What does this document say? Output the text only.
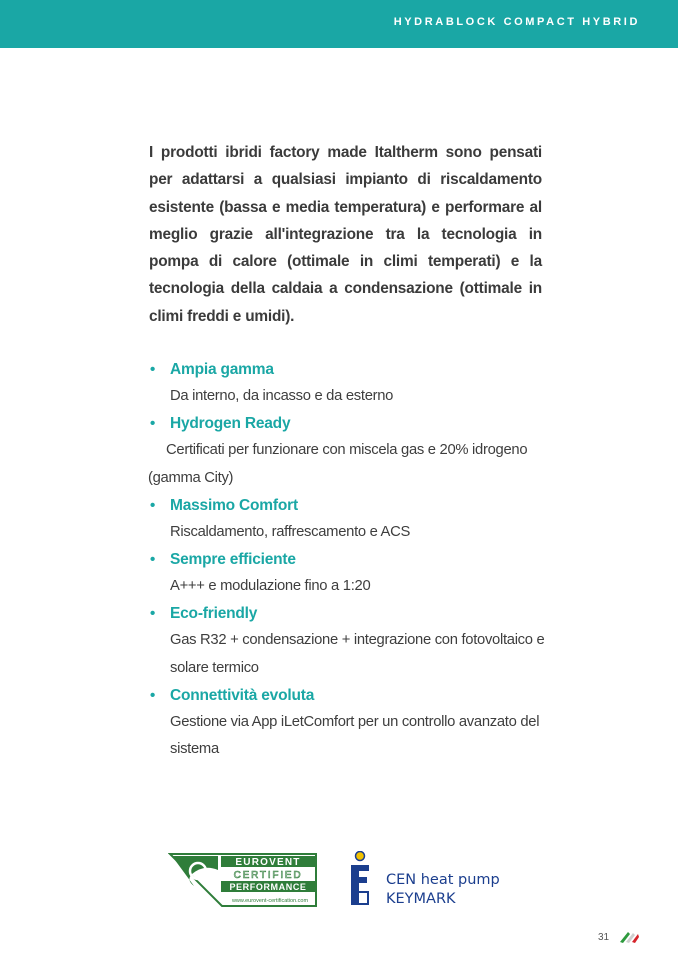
HYDRABLOCK COMPACT HYBRID

I prodotti ibridi factory made Italtherm sono pensati per adattarsi a qualsiasi impianto di riscaldamento esistente (bassa e media temperatura) e performare al meglio grazie all'integrazione tra la tecnologia in pompa di calore (ottimale in climi temperati) e la tecnologia della caldaia a condensazione (ottimale in climi freddi e umidi).

• Ampia gamma
Da interno, da incasso e da esterno
• Hydrogen Ready
Certificati per funzionare con miscela gas e 20% idrogeno (gamma City)
• Massimo Comfort
Riscaldamento, raffrescamento e ACS
• Sempre efficiente
A+++ e modulazione fino a 1:20
• Eco-friendly
Gas R32 + condensazione + integrazione con fotovoltaico e solare termico
• Connettività evoluta
Gestione via App iLetComfort per un controllo avanzato del sistema
EUROVENT
CERTIFIED
PERFORMANCE
www.eurovent-certification.com
CEN heat pump
KEYMARK
31
